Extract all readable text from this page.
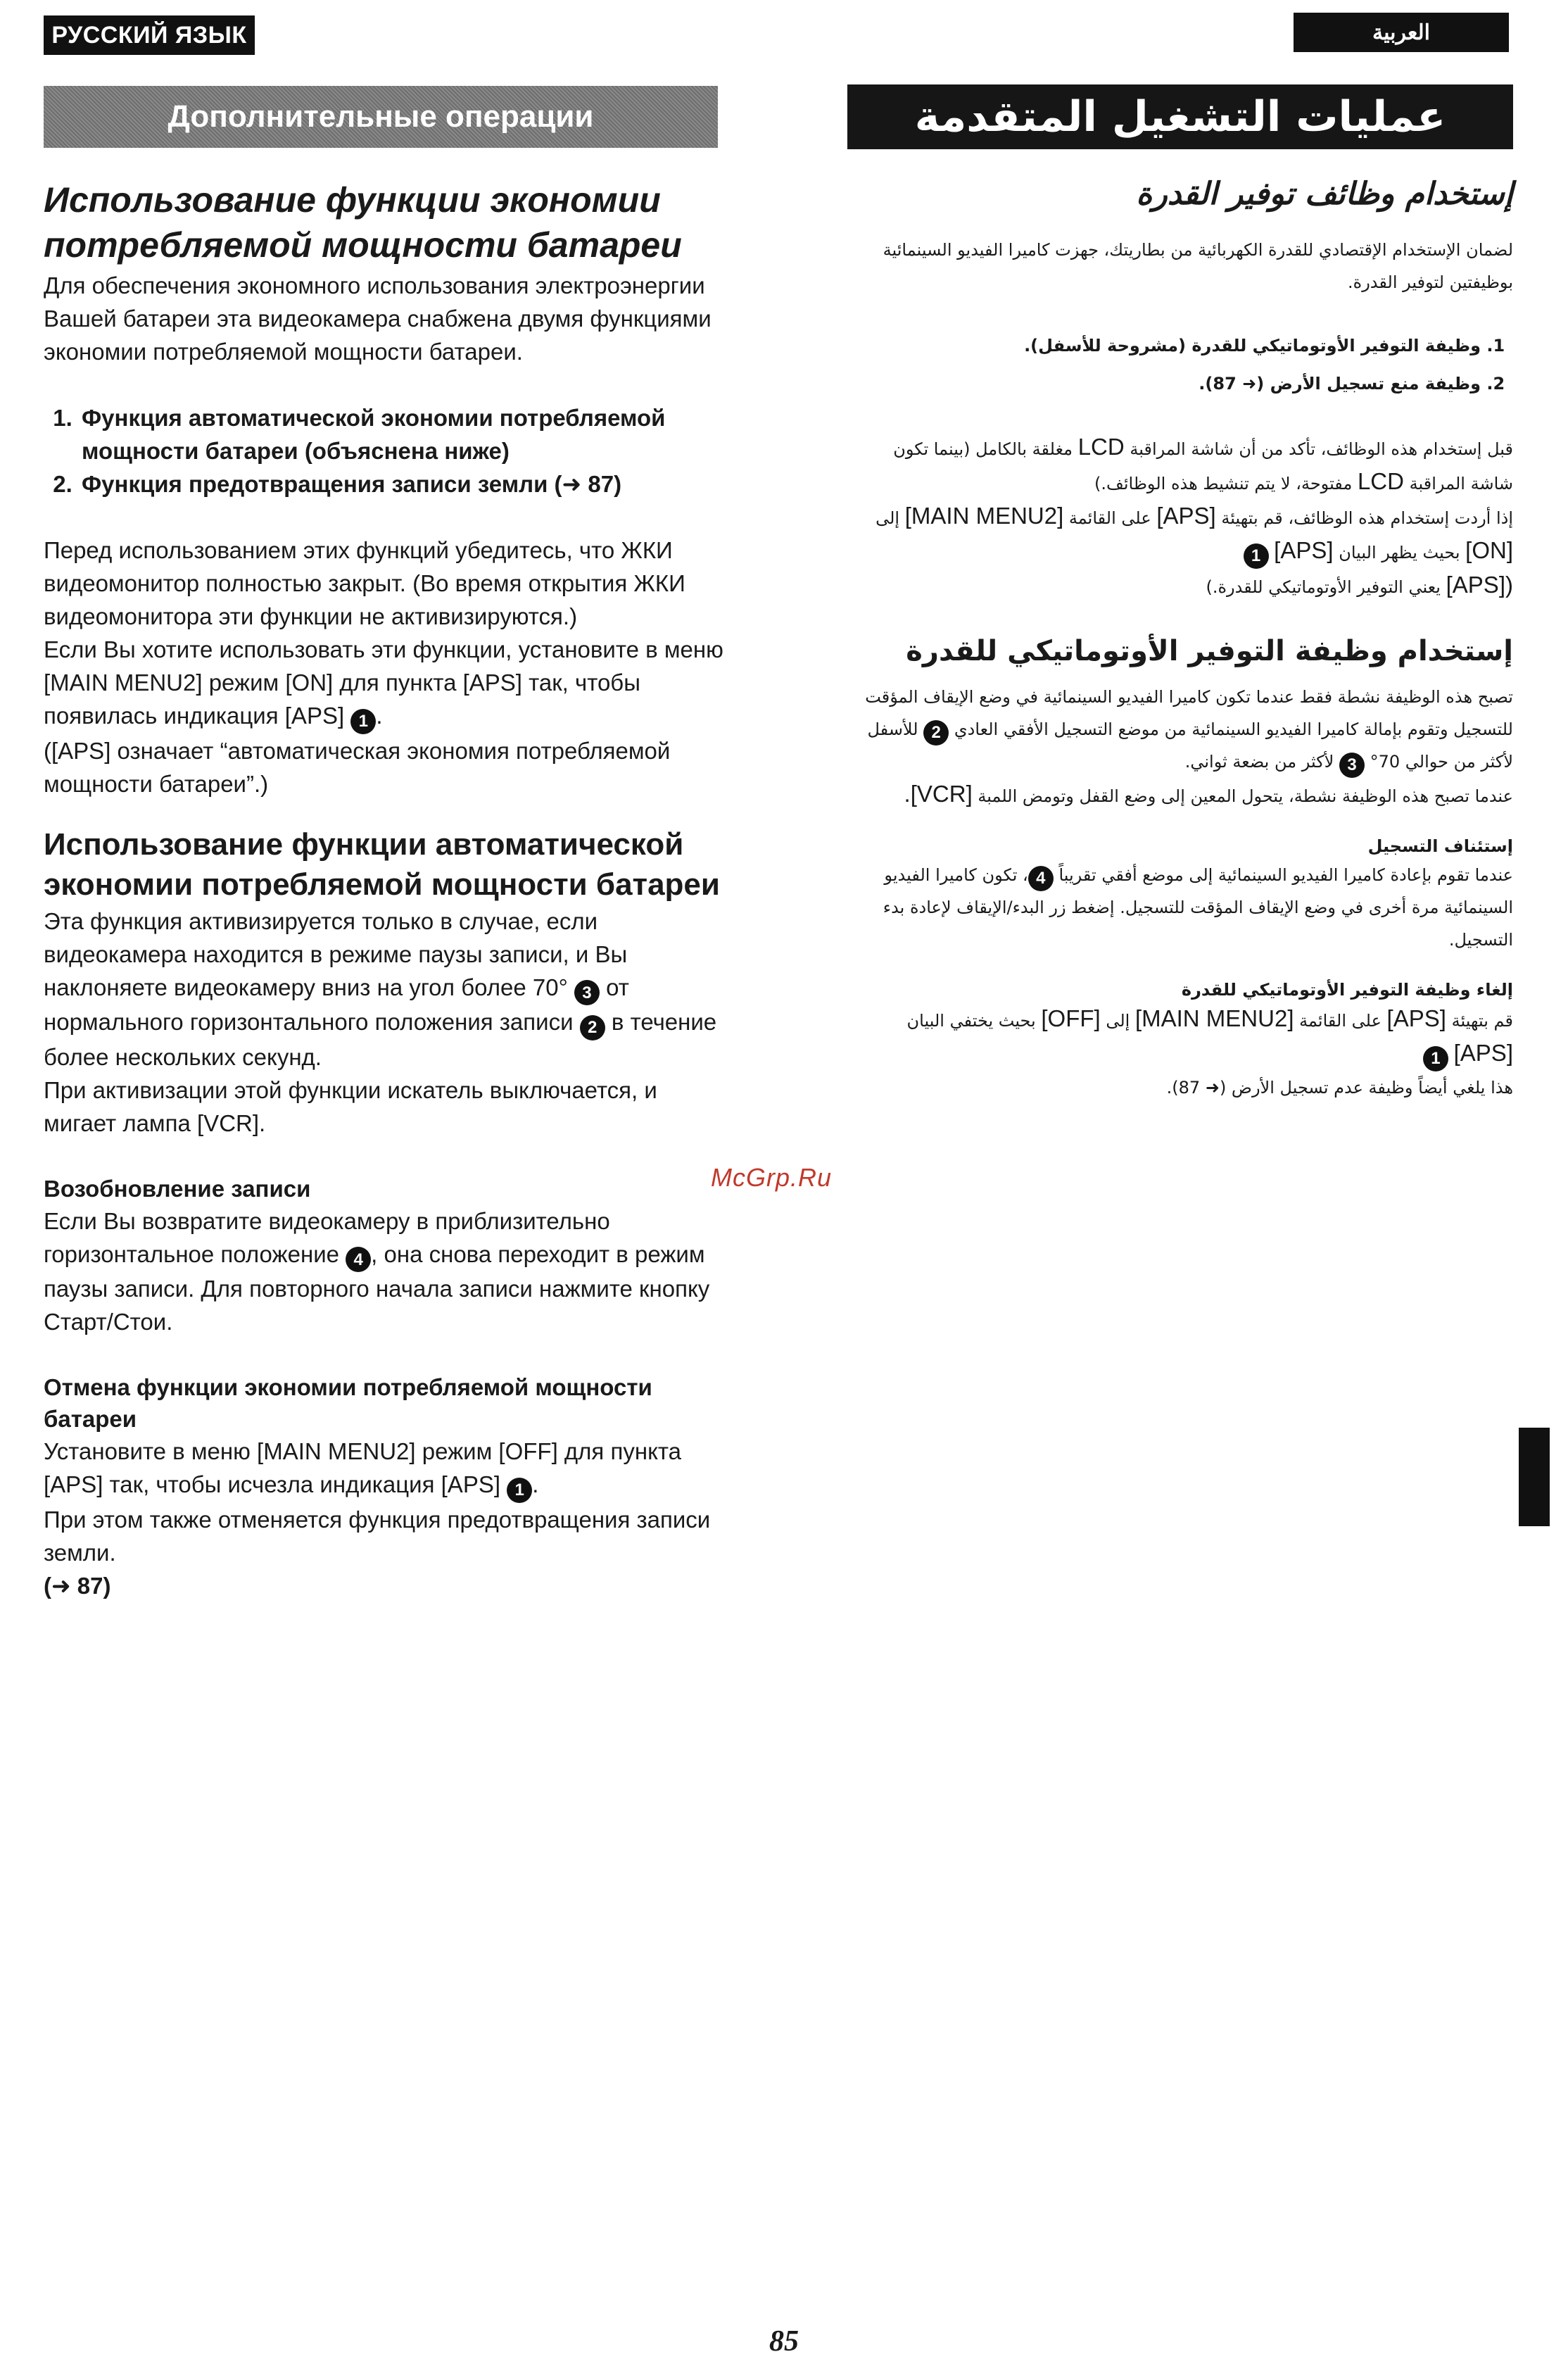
РУССКИЙ ЯЗЫК	العربية
Дополнительные операции	عمليات التشغيل المتقدمة
Использование функции экономии потребляемой мощности батареи

Для обеспечения экономного использования электроэнергии Вашей батареи эта видеокамера снабжена двумя функциями экономии потребляемой мощности батареи.

1. Функция автоматической экономии потребляемой мощности батареи (объяснена ниже)
2. Функция предотвращения записи земли (➜ 87)

Перед использованием этих функций убедитесь, что ЖКИ видеомонитор полностью закрыт. (Во время открытия ЖКИ видеомонитора эти функции не активизируются.)

Если Вы хотите использовать эти функции, установите в меню [MAIN MENU2] режим [ON] для пункта [APS] так, чтобы появилась индикация [APS] 1 .

([APS] означает “автоматическая экономия потребляемой мощности батареи”.)

Использование функции автоматической экономии потребляемой мощности батареи

Эта функция активизируется только в случае, если видеокамера находится в режиме паузы записи, и Вы наклоняете видеокамеру вниз на угол более 70° 3 от нормального горизонтального положения записи 2 в течение более нескольких секунд.

При активизации этой функции искатель выключается, и мигает лампа [VCR].

Возобновление записи

Если Вы возвратите видеокамеру в приблизительно горизонтальное положение 4 , она снова переходит в режим паузы записи. Для повторного начала записи нажмите кнопку Старт/Стои.

Отмена функции экономии потребляемой мощности батареи

Установите в меню [MAIN MENU2] режим [OFF] для пункта [APS] так, чтобы исчезла индикация [APS] 1 .

При этом также отменяется функция предотвращения записи земли.

(➜ 87)

McGrp.Ru
إستخدام وظائف توفير القدرة

لضمان الإستخدام الإقتصادي للقدرة الكهربائية من بطاريتك، جهزت كاميرا الفيديو السينمائية بوظيفتين لتوفير القدرة.

1. وظيفة التوفير الأوتوماتيكي للقدرة (مشروحة للأسفل).
2. وظيفة منع تسجيل الأرض (➜ 87).

قبل إستخدام هذه الوظائف، تأكد من أن شاشة المراقبة LCD مغلقة بالكامل (بينما تكون شاشة المراقبة LCD مفتوحة، لا يتم تنشيط هذه الوظائف.)

إذا أردت إستخدام هذه الوظائف، قم بتهيئة [APS] على القائمة [MAIN MENU2] إلى [ON] بحيث يظهر البيان [APS] 1

([APS] يعني التوفير الأوتوماتيكي للقدرة.)

إستخدام وظيفة التوفير الأوتوماتيكي للقدرة

تصبح هذه الوظيفة نشطة فقط عندما تكون كاميرا الفيديو السينمائية في وضع الإيقاف المؤقت للتسجيل وتقوم بإمالة كاميرا الفيديو السينمائية من موضع التسجيل الأفقي العادي 2 للأسفل لأكثر من حوالي 70° 3 لأكثر من بضعة ثواني.

عندما تصبح هذه الوظيفة نشطة، يتحول المعين إلى وضع القفل وتومض اللمبة [VCR].

إستئناف التسجيل

عندما تقوم بإعادة كاميرا الفيديو السينمائية إلى موضع أفقي تقريباً 4، تكون كاميرا الفيديو السينمائية مرة أخرى في وضع الإيقاف المؤقت للتسجيل. إضغط زر البدء/الإيقاف لإعادة بدء التسجيل.

إلغاء وظيفة التوفير الأوتوماتيكي للقدرة

قم بتهيئة [APS] على القائمة [MAIN MENU2] إلى [OFF] بحيث يختفي البيان [APS] 1

هذا يلغي أيضاً وظيفة عدم تسجيل الأرض (➜ 87).

85
